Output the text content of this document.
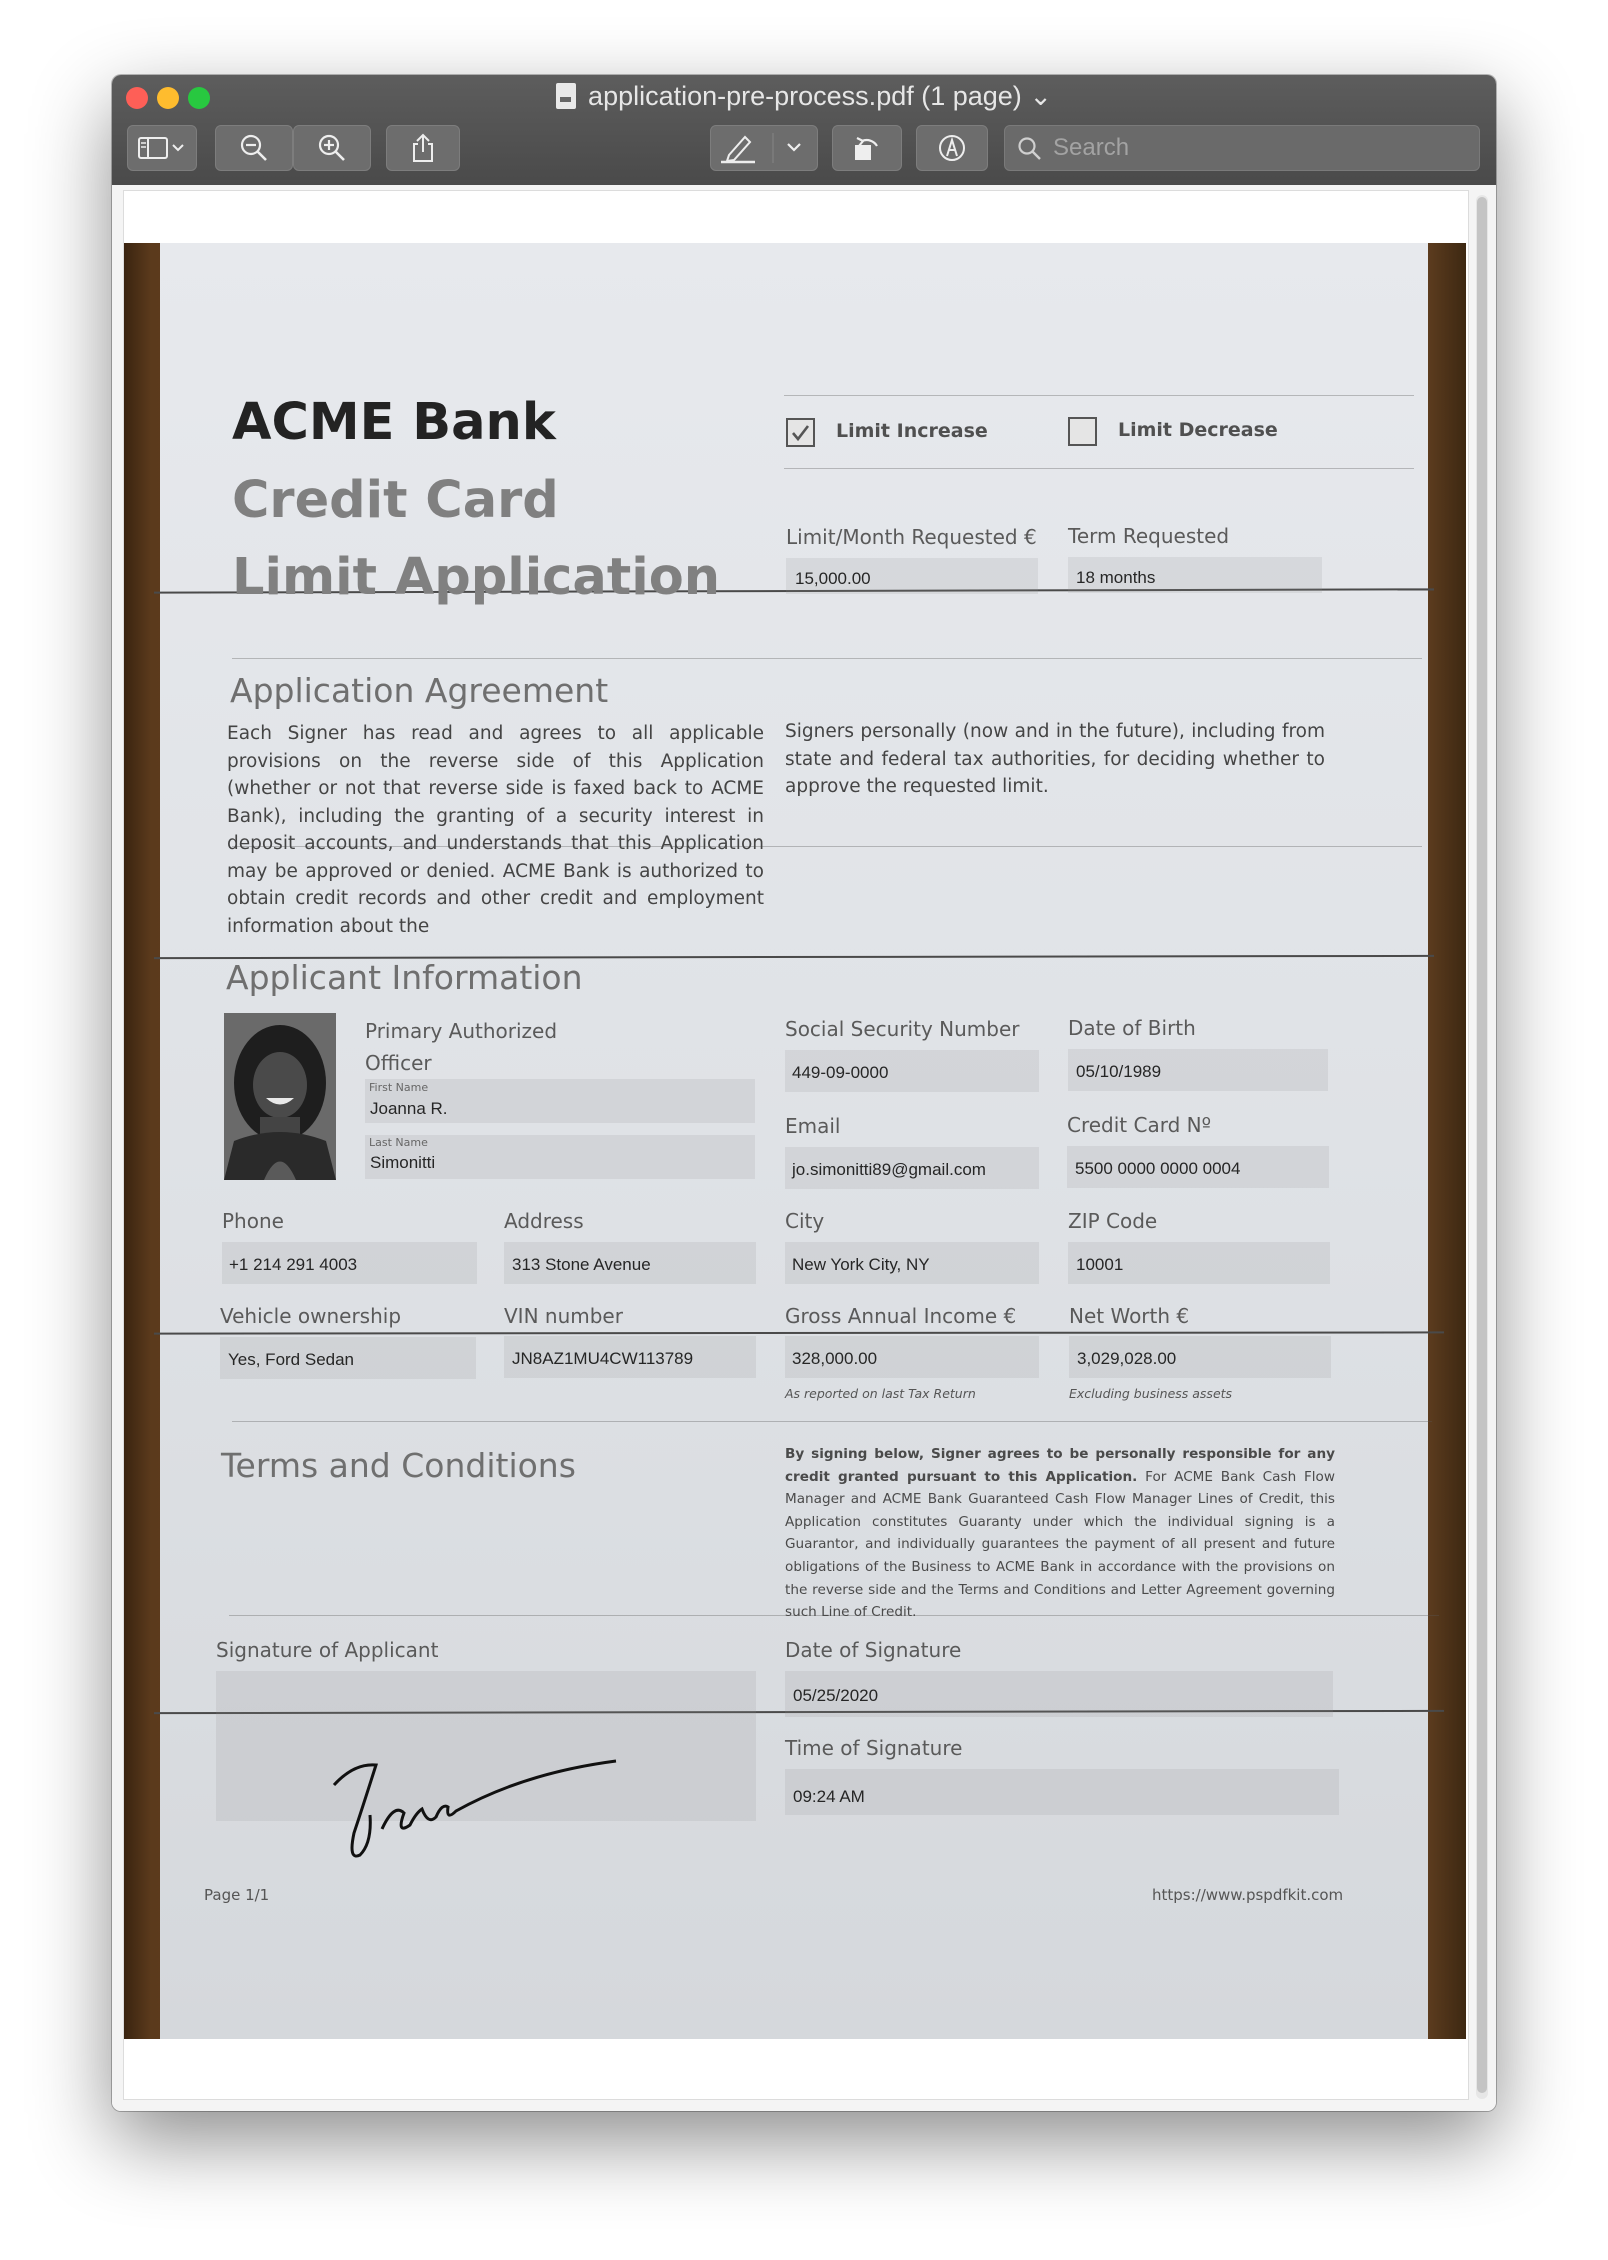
application-pre-process.pdf (1 page) ⌄
Search
ACME Bank
Credit Card
Limit Application
Limit Increase	Limit Decrease
Limit/Month Requested €
15,000.00
Term Requested
18 months
Application Agreement
Each Signer has read and agrees to all applicable provisions on the reverse side of this Application (whether or not that reverse side is faxed back to ACME Bank), including the granting of a security interest in deposit accounts, and understands that this Application may be approved or denied. ACME Bank is authorized to obtain credit records and other credit and employment information about the
Signers personally (now and in the future), including from state and federal tax authorities, for deciding whether to approve the requested limit.
Applicant Information
Primary Authorized
Officer
First Name
Joanna R.
Last Name
Simonitti
Social Security Number
449-09-0000
Date of Birth
05/10/1989
Email
jo.simonitti89@gmail.com
Credit Card Nº
5500 0000 0000 0004
Phone
+1 214 291 4003
Address
313 Stone Avenue
City
New York City, NY
ZIP Code
10001
Vehicle ownership
Yes, Ford Sedan
VIN number
JN8AZ1MU4CW113789
Gross Annual Income €
328,000.00
As reported on last Tax Return
Net Worth €
3,029,028.00
Excluding business assets
Terms and Conditions	By signing below, Signer agrees to be personally responsible for any credit granted pursuant to this Application. For ACME Bank Cash Flow Manager and ACME Bank Guaranteed Cash Flow Manager Lines of Credit, this Application constitutes Guaranty under which the individual signing is a Guarantor, and individually guarantees the payment of all present and future obligations of the Business to ACME Bank in accordance with the provisions on the reverse side and the Terms and Conditions and Letter Agreement governing such Line of Credit.
Signature of Applicant	Date of Signature
05/25/2020
Time of Signature
09:24 AM
Page 1/1	https://www.pspdfkit.com
